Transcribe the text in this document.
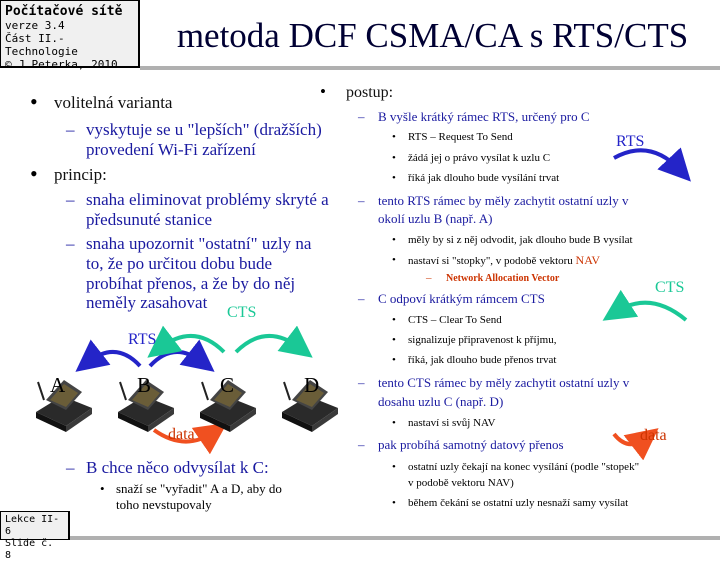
Počítačové sítě
verze 3.4
Část II.-Technologie
© J.Peterka, 2010
metoda DCF CSMA/CA s RTS/CTS
• volitelná varianta
– vyskytuje se u "lepších" (dražších)
provedení Wi-Fi zařízení
• princip:
– snaha eliminovat problémy skryté a
předsunuté stanice
– snaha upozornit "ostatní" uzly na
to, že po určitou dobu bude
probíhat přenos, a že by do něj
neměly zasahovat
A	B	C	D
RTS
CTS
data
– B chce něco odvysílat k C:
• snaží se "vyřadit" A a D, aby do
toho nevstupovaly
• postup:
– B vyšle krátký rámec RTS, určený pro C
• RTS – Request To Send
• žádá jej o právo vysílat k uzlu C
• říká jak dlouho bude vysílání trvat
– tento RTS rámec by měly zachytit ostatní uzly v
okolí uzlu B (např. A)
• měly by si z něj odvodit, jak dlouho bude B vysílat
• nastaví si "stopky", v podobě vektoru NAV
– Network Allocation Vector
– C odpoví krátkým rámcem CTS
• CTS – Clear To Send
• signalizuje připravenost k příjmu,
• říká, jak dlouho bude přenos trvat
– tento CTS rámec by měly zachytit ostatní uzly v
dosahu uzlu C (např. D)
• nastaví si svůj NAV
– pak probíhá samotný datový přenos
• ostatní uzly čekají na konec vysílání (podle "stopek"
v podobě vektoru NAV)
• během čekání se ostatní uzly nesnaží samy vysílat
RTS
CTS
data
Lekce II-6
Slide č. 8
